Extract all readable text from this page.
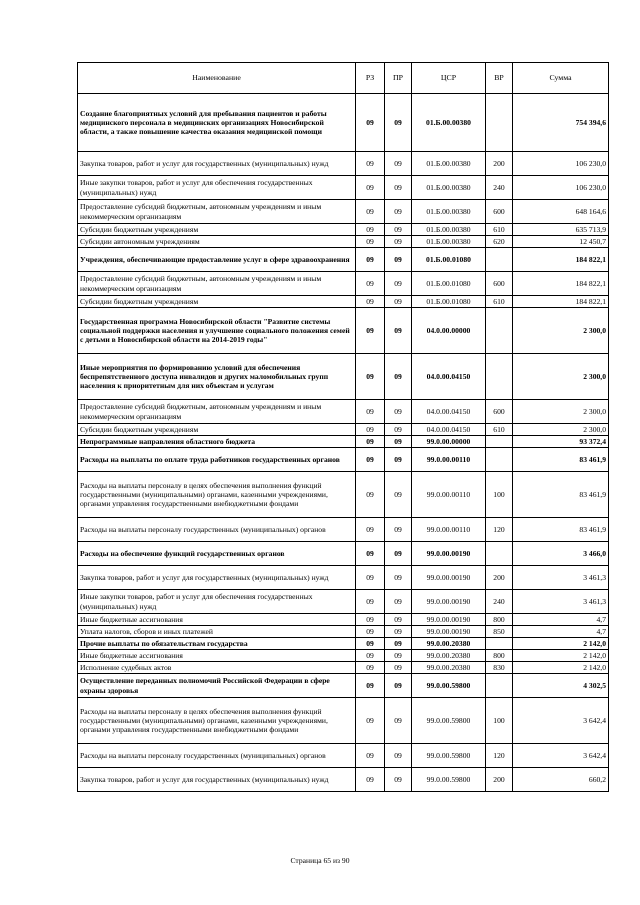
Наименование	РЗ	ПР	ЦСР	ВР	Сумма
Создание благоприятных условий для пребывания пациентов и работы медицинского персонала в медицинских организациях Новосибирской области, а также повышение качества оказания медицинской помощи	09	09	01.Б.00.00380		754 394,6
Закупка товаров, работ и услуг для государственных (муниципальных) нужд	09	09	01.Б.00.00380	200	106 230,0
Иные закупки товаров, работ и услуг для обеспечения государственных (муниципальных) нужд	09	09	01.Б.00.00380	240	106 230,0
Предоставление субсидий бюджетным, автономным учреждениям и иным некоммерческим организациям	09	09	01.Б.00.00380	600	648 164,6
Субсидии бюджетным учреждениям	09	09	01.Б.00.00380	610	635 713,9
Субсидии автономным учреждениям	09	09	01.Б.00.00380	620	12 450,7
Учреждения, обеспечивающие предоставление услуг в сфере здравоохранения	09	09	01.Б.00.01080		184 822,1
Предоставление субсидий бюджетным, автономным учреждениям и иным некоммерческим организациям	09	09	01.Б.00.01080	600	184 822,1
Субсидии бюджетным учреждениям	09	09	01.Б.00.01080	610	184 822,1
Государственная программа Новосибирской области "Развитие системы социальной поддержки населения и улучшение социального положения семей с детьми в Новосибирской области на 2014-2019 годы"	09	09	04.0.00.00000		2 300,0
Иные мероприятия по формированию условий для обеспечения беспрепятственного доступа инвалидов и других маломобильных групп населения к приоритетным для них объектам и услугам	09	09	04.0.00.04150		2 300,0
Предоставление субсидий бюджетным, автономным учреждениям и иным некоммерческим организациям	09	09	04.0.00.04150	600	2 300,0
Субсидии бюджетным учреждениям	09	09	04.0.00.04150	610	2 300,0
Непрограммные направления областного бюджета	09	09	99.0.00.00000		93 372,4
Расходы на выплаты по оплате труда работников государственных органов	09	09	99.0.00.00110		83 461,9
Расходы на выплаты персоналу в целях обеспечения выполнения функций государственными (муниципальными) органами, казенными учреждениями, органами управления государственными внебюджетными фондами	09	09	99.0.00.00110	100	83 461,9
Расходы на выплаты персоналу государственных (муниципальных) органов	09	09	99.0.00.00110	120	83 461,9
Расходы на обеспечение функций государственных органов	09	09	99.0.00.00190		3 466,0
Закупка товаров, работ и услуг для государственных (муниципальных) нужд	09	09	99.0.00.00190	200	3 461,3
Иные закупки товаров, работ и услуг для обеспечения государственных (муниципальных) нужд	09	09	99.0.00.00190	240	3 461,3
Иные бюджетные ассигнования	09	09	99.0.00.00190	800	4,7
Уплата налогов, сборов и иных платежей	09	09	99.0.00.00190	850	4,7
Прочие выплаты по обязательствам государства	09	09	99.0.00.20380		2 142,0
Иные бюджетные ассигнования	09	09	99.0.00.20380	800	2 142,0
Исполнение судебных актов	09	09	99.0.00.20380	830	2 142,0
Осуществление переданных полномочий Российской Федерации в сфере охраны здоровья	09	09	99.0.00.59800		4 302,5
Расходы на выплаты персоналу в целях обеспечения выполнения функций государственными (муниципальными) органами, казенными учреждениями, органами управления государственными внебюджетными фондами	09	09	99.0.00.59800	100	3 642,4
Расходы на выплаты персоналу государственных (муниципальных) органов	09	09	99.0.00.59800	120	3 642,4
Закупка товаров, работ и услуг для государственных (муниципальных) нужд	09	09	99.0.00.59800	200	660,2
Страница 65 из 90
